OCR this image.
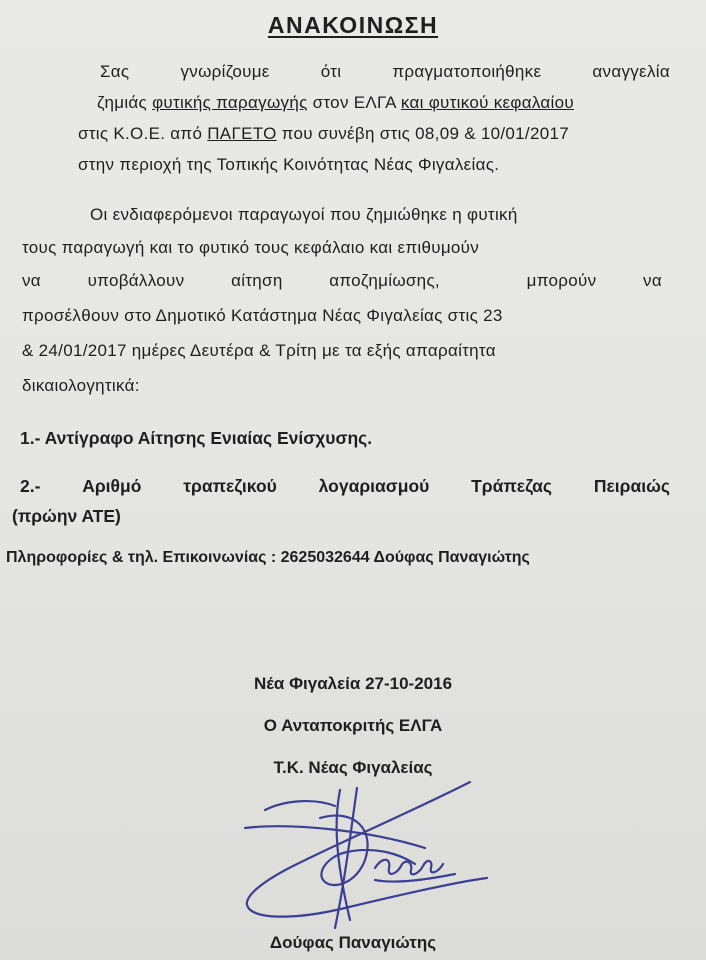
ΑΝΑΚΟΙΝΩΣΗ
Σας	γνωρίζουμε	ότι	πραγματοποιήθηκε	αναγγελία
ζημιάς φυτικής παραγωγής στον ΕΛΓΑ και φυτικού κεφαλαίου
στις Κ.Ο.Ε. από ΠΑΓΕΤΟ που συνέβη στις 08,09 & 10/01/2017
στην περιοχή της Τοπικής Κοινότητας Νέας Φιγαλείας.
Οι ενδιαφερόμενοι παραγωγοί που ζημιώθηκε η φυτική
τους παραγωγή και το φυτικό τους κεφάλαιο και επιθυμούν
να	υποβάλλουν	αίτηση	αποζημίωσης,	μπορούν	να
προσέλθουν στο Δημοτικό Κατάστημα Νέας Φιγαλείας στις 23
& 24/01/2017 ημέρες Δευτέρα & Τρίτη με τα εξής απαραίτητα
δικαιολογητικά:
1.- Αντίγραφο Αίτησης Ενιαίας Ενίσχυσης.
2.- Αριθμό τραπεζικού λογαριασμού Τράπεζας Πειραιώς
(πρώην ΑΤΕ)
Πληροφορίες & τηλ. Επικοινωνίας : 2625032644 Δούφας Παναγιώτης
Νέα Φιγαλεία 27-10-2016
Ο Ανταποκριτής ΕΛΓΑ
Τ.Κ. Νέας Φιγαλείας
Δούφας Παναγιώτης
